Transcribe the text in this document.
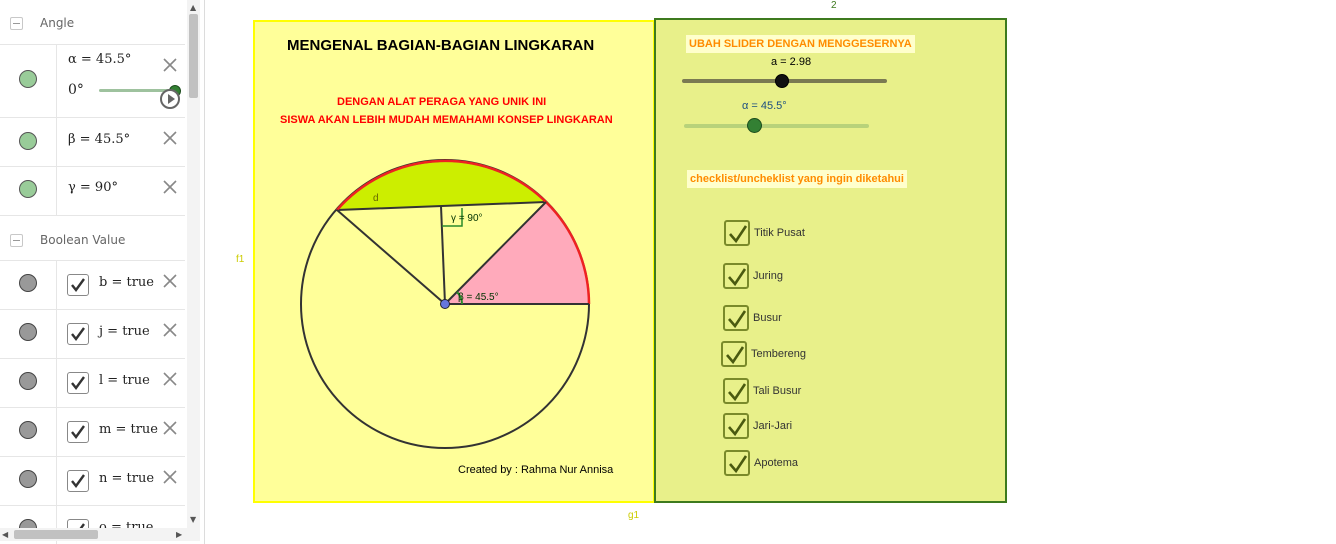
Angle
α = 45.5°
0°
β = 45.5°
γ = 90°
Boolean Value
b = true
j = true
l = true
m = true
n = true
▲
▼
◀	▶
MENGENAL BAGIAN-BAGIAN LINGKARAN
DENGAN ALAT PERAGA YANG UNIK INI
SISWA AKAN LEBIH MUDAH MEMAHAMI KONSEP LINGKARAN
γ = 90°
β = 45.5°
d
f1
g1
2
Created by : Rahma Nur Annisa
UBAH SLIDER DENGAN MENGGESERNYA
a = 2.98
α = 45.5°
checklist/uncheklist yang ingin diketahui
Titik Pusat
Juring
Busur
Tembereng
Tali Busur
Jari-Jari
Apotema
